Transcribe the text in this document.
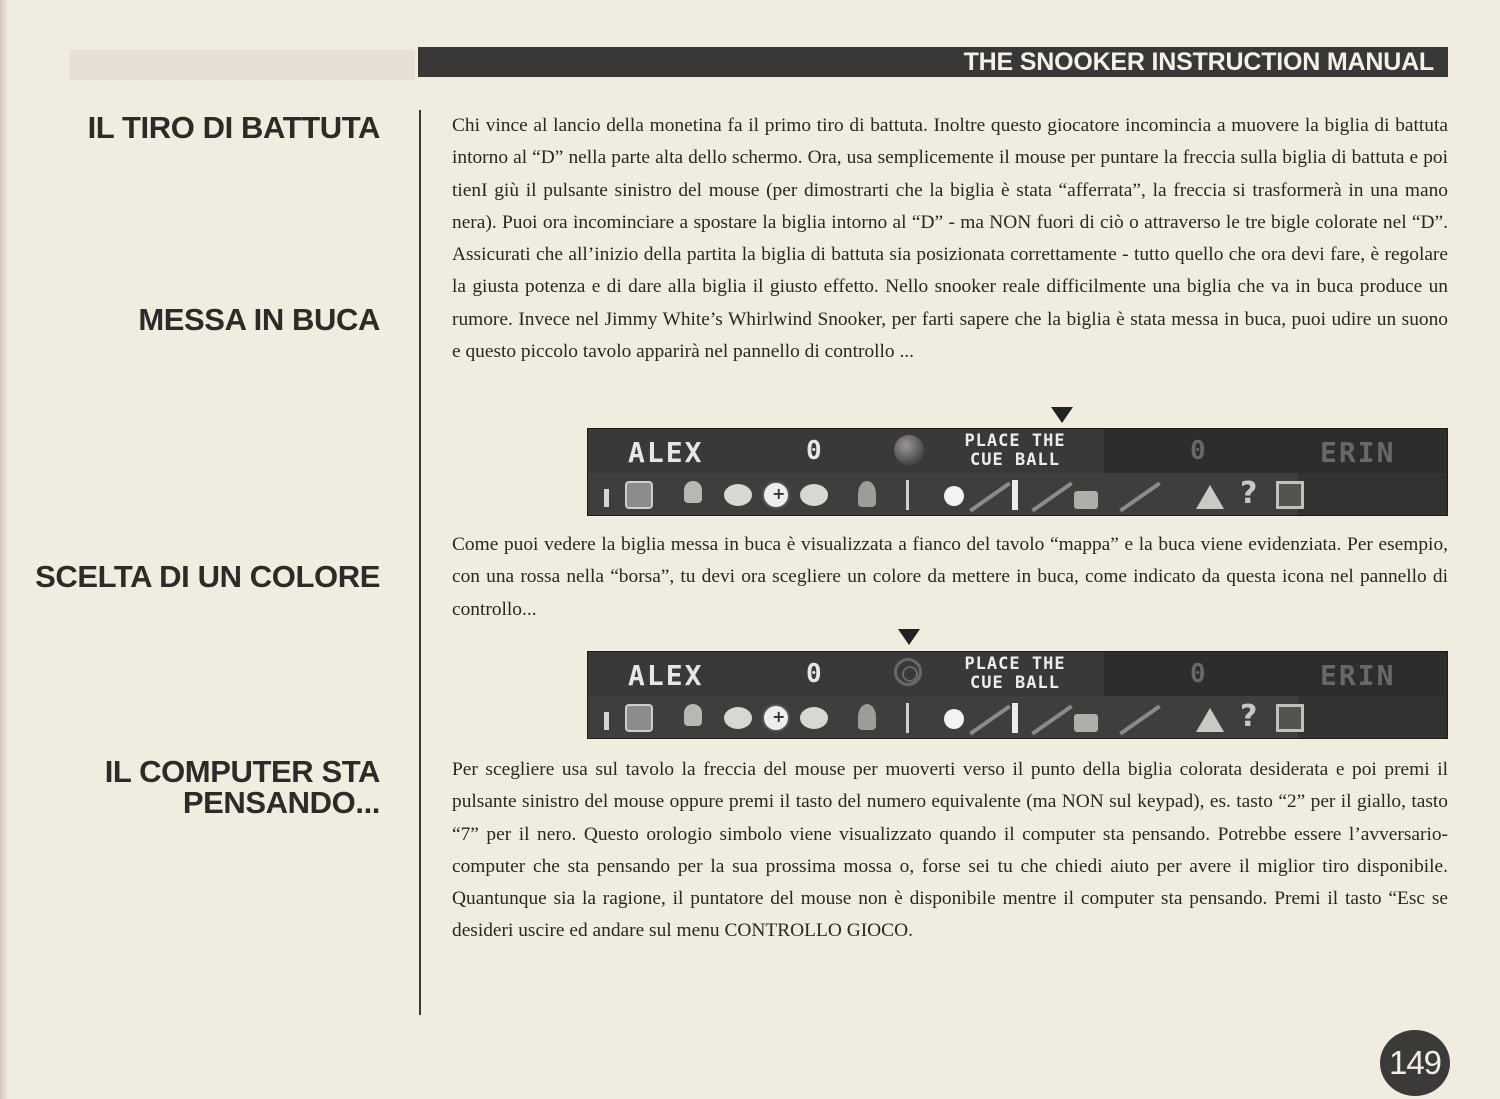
THE SNOOKER INSTRUCTION MANUAL
IL TIRO DI BATTUTA
MESSA IN BUCA
SCELTA DI UN COLORE
IL COMPUTER STA
PENSANDO...
Chi vince al lancio della monetina fa il primo tiro di battuta. Inoltre questo giocatore incomincia a muovere la biglia di battuta intorno al “D” nella parte alta dello schermo. Ora, usa semplicemente il mouse per puntare la freccia sulla biglia di battuta e poi tienI giù il pulsante sinistro del mouse (per dimostrarti che la biglia è stata “afferrata”, la freccia si trasformerà in una mano nera). Puoi ora incominciare a spostare la biglia intorno al “D” - ma NON fuori di ciò o attraverso le tre bigle colorate nel “D”. Assicurati che all’inizio della partita la biglia di battuta sia posizionata correttamente - tutto quello che ora devi fare, è regolare la giusta potenza e di dare alla biglia il giusto effetto. Nello snooker reale difficilmente una biglia che va in buca produce un rumore. Invece nel Jimmy White’s Whirlwind Snooker, per farti sapere che la biglia è stata messa in buca, puoi udire un suono e questo piccolo tavolo apparirà nel pannello di controllo ...
ALEX	0	PLACE THE
CUE BALL	0	ERIN
+
?
Come puoi vedere la biglia messa in buca è visualizzata a fianco del tavolo “mappa” e la buca viene evidenziata. Per esempio, con una rossa nella “borsa”, tu devi ora scegliere un colore da mettere in buca, come indicato da questa icona nel pannello di controllo...
ALEX	0	PLACE THE
CUE BALL	0	ERIN
+
?
Per scegliere usa sul tavolo la freccia del mouse per muoverti verso il punto della biglia colorata desiderata e poi premi il pulsante sinistro del mouse oppure premi il tasto del numero equivalente (ma NON sul keypad), es. tasto “2” per il giallo, tasto “7” per il nero. Questo orologio simbolo viene visualizzato quando il computer sta pensando. Potrebbe essere l’avversario-computer che sta pensando per la sua prossima mossa o, forse sei tu che chiedi aiuto per avere il miglior tiro disponibile. Quantunque sia la ragione, il puntatore del mouse non è disponibile mentre il computer sta pensando. Premi il tasto “Esc se desideri uscire ed andare sul menu CONTROLLO GIOCO.
149
